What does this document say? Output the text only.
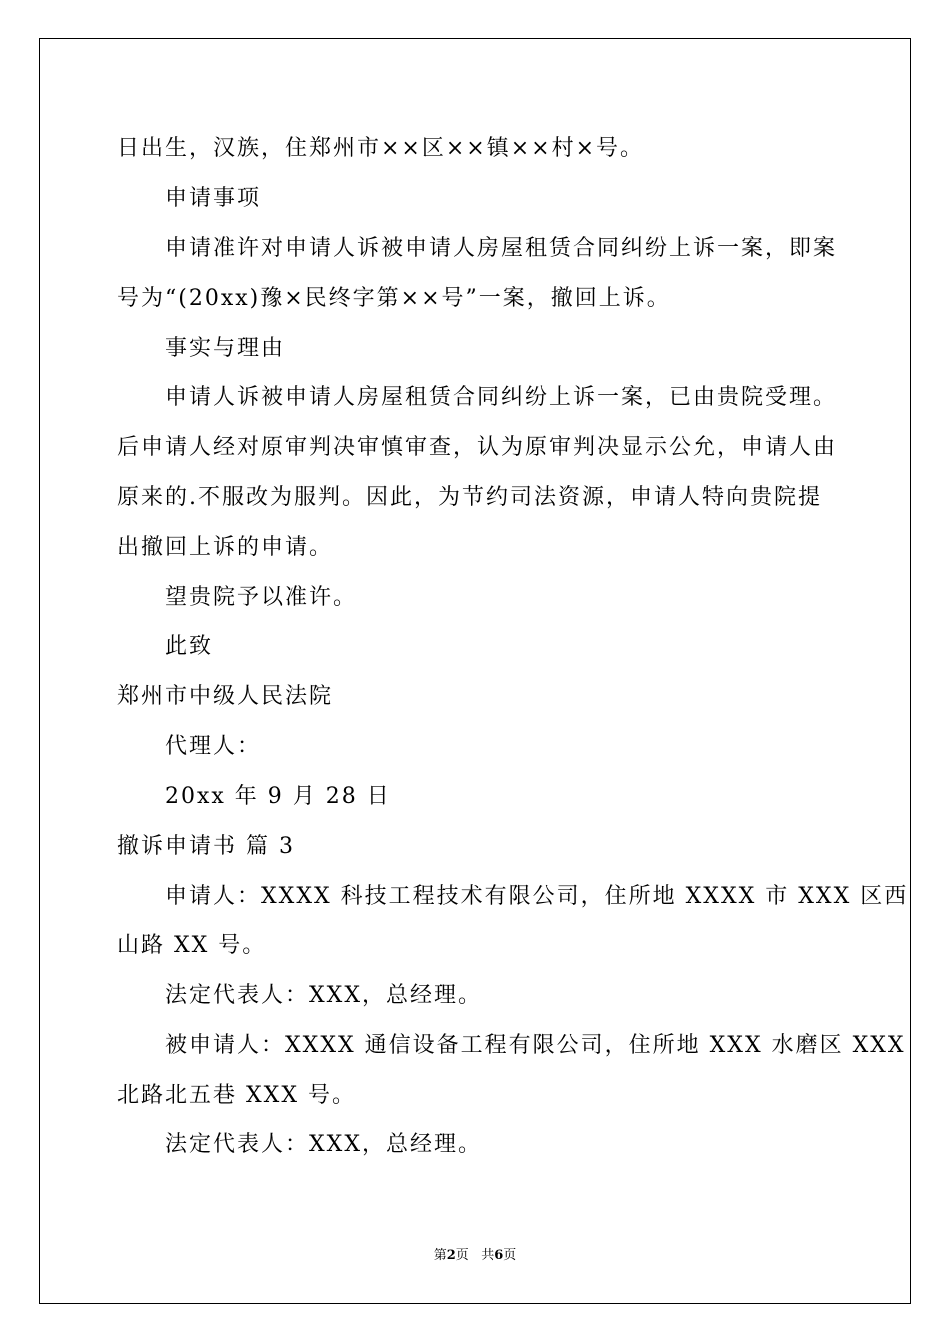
日出生，汉族，住郑州市××区××镇××村×号。
申请事项
申请准许对申请人诉被申请人房屋租赁合同纠纷上诉一案，即案
号为“(20xx)豫×民终字第××号”一案，撤回上诉。
事实与理由
申请人诉被申请人房屋租赁合同纠纷上诉一案，已由贵院受理。
后申请人经对原审判决审慎审查，认为原审判决显示公允，申请人由
原来的.不服改为服判。因此，为节约司法资源，申请人特向贵院提
出撤回上诉的申请。
望贵院予以准许。
此致
郑州市中级人民法院
代理人：
20xx 年 9 月 28 日
撤诉申请书 篇 3
申请人：XXXX 科技工程技术有限公司，住所地 XXXX 市 XXX 区西
山路 XX 号。
法定代表人：XXX，总经理。
被申请人：XXXX 通信设备工程有限公司，住所地 XXX 水磨区 XXX
北路北五巷 XXX 号。
法定代表人：XXX，总经理。
第2页 共6页
